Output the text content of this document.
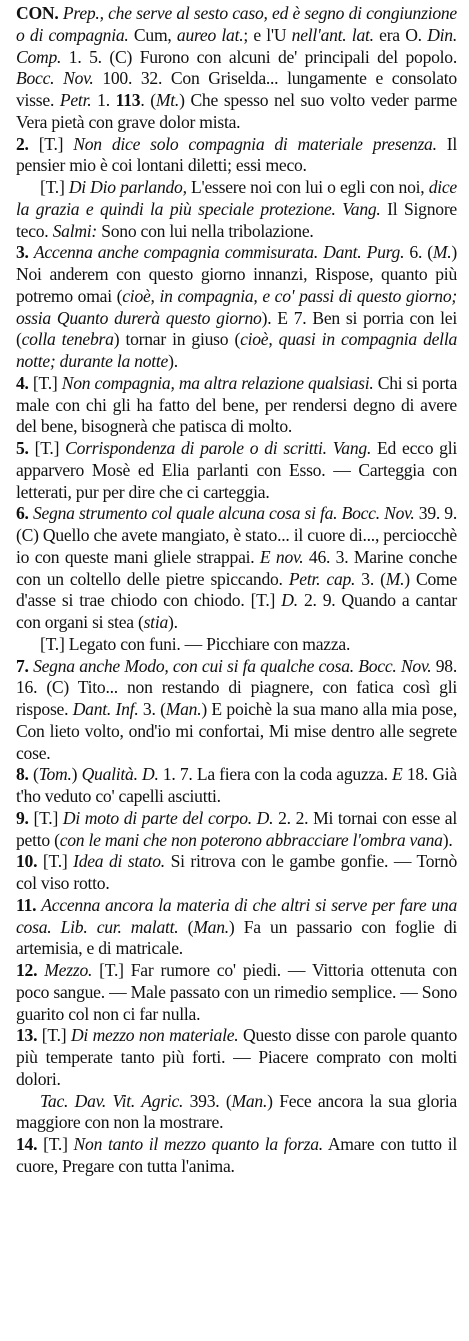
CON. Prep., che serve al sesto caso, ed è segno di congiunzione o di compagnia. Cum, aureo lat.; e l'U nell'ant. lat. era O. Din. Comp. 1. 5. (C) Furono con alcuni de' principali del popolo. Bocc. Nov. 100. 32. Con Griselda... lungamente e consolato visse. Petr. 1. 113. (Mt.) Che spesso nel suo volto veder parme Vera pietà con grave dolor mista.

2. [T.] Non dice solo compagnia di materiale presenza. Il pensier mio è coi lontani diletti; essi meco.

[T.] Di Dio parlando, L'essere noi con lui o egli con noi, dice la grazia e quindi la più speciale protezione. Vang. Il Signore teco. Salmi: Sono con lui nella tribolazione.

3. Accenna anche compagnia commisurata. Dant. Purg. 6. (M.) Noi anderem con questo giorno innanzi, Rispose, quanto più potremo omai (cioè, in compagnia, e co' passi di questo giorno; ossia Quanto durerà questo giorno). E 7. Ben si porria con lei (colla tenebra) tornar in giuso (cioè, quasi in compagnia della notte; durante la notte).

4. [T.] Non compagnia, ma altra relazione qualsiasi. Chi si porta male con chi gli ha fatto del bene, per rendersi degno di avere del bene, bisognerà che patisca di molto.

5. [T.] Corrispondenza di parole o di scritti. Vang. Ed ecco gli apparvero Mosè ed Elia parlanti con Esso. — Carteggia con letterati, pur per dire che ci carteggia.

6. Segna strumento col quale alcuna cosa si fa. Bocc. Nov. 39. 9. (C) Quello che avete mangiato, è stato... il cuore di..., perciocchè io con queste mani gliele strappai. E nov. 46. 3. Marine conche con un coltello delle pietre spiccando. Petr. cap. 3. (M.) Come d'asse si trae chiodo con chiodo. [T.] D. 2. 9. Quando a cantar con organi si stea (stia).

[T.] Legato con funi. — Picchiare con mazza.

7. Segna anche Modo, con cui si fa qualche cosa. Bocc. Nov. 98. 16. (C) Tito... non restando di piagnere, con fatica così gli rispose. Dant. Inf. 3. (Man.) E poichè la sua mano alla mia pose, Con lieto volto, ond'io mi confortai, Mi mise dentro alle segrete cose.

8. (Tom.) Qualità. D. 1. 7. La fiera con la coda aguzza. E 18. Già t'ho veduto co' capelli asciutti.

9. [T.] Di moto di parte del corpo. D. 2. 2. Mi tornai con esse al petto (con le mani che non poterono abbracciare l'ombra vana).

10. [T.] Idea di stato. Si ritrova con le gambe gonfie. — Tornò col viso rotto.

11. Accenna ancora la materia di che altri si serve per fare una cosa. Lib. cur. malatt. (Man.) Fa un passario con foglie di artemisia, e di matricale.

12. Mezzo. [T.] Far rumore co' piedi. — Vittoria ottenuta con poco sangue. — Male passato con un rimedio semplice. — Sono guarito col non ci far nulla.

13. [T.] Di mezzo non materiale. Questo disse con parole quanto più temperate tanto più forti. — Piacere comprato con molti dolori.

Tac. Dav. Vit. Agric. 393. (Man.) Fece ancora la sua gloria maggiore con non la mostrare.

14. [T.] Non tanto il mezzo quanto la forza. Amare con tutto il cuore, Pregare con tutta l'anima.
